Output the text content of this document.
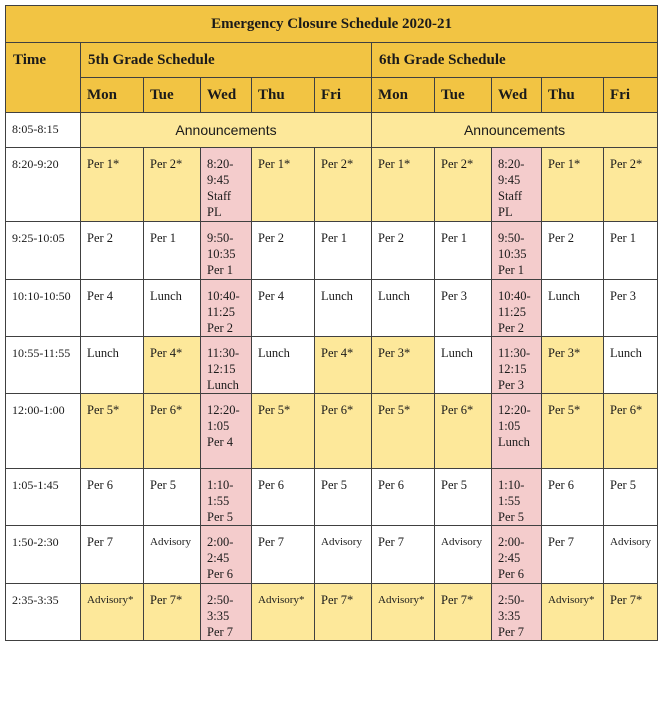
Emergency Closure Schedule 2020-21										
Time	5th Grade Schedule					6th Grade Schedule				
	Mon	Tue	Wed	Thu	Fri	Mon	Tue	Wed	Thu	Fri
8:05-8:15	Announcements					Announcements				
8:20-9:20	Per 1*	Per 2*	8:20-
9:45
Staff
PL	Per 1*	Per 2*	Per 1*	Per 2*	8:20-
9:45
Staff
PL	Per 1*	Per 2*
9:25-10:05	Per 2	Per 1	9:50-
10:35
Per 1	Per 2	Per 1	Per 2	Per 1	9:50-
10:35
Per 1	Per 2	Per 1
10:10-10:50	Per 4	Lunch	10:40-
11:25
Per 2	Per 4	Lunch	Lunch	Per 3	10:40-
11:25
Per 2	Lunch	Per 3
10:55-11:55	Lunch	Per 4*	11:30-
12:15
Lunch	Lunch	Per 4*	Per 3*	Lunch	11:30-
12:15
Per 3	Per 3*	Lunch
12:00-1:00	Per 5*	Per 6*	12:20-
1:05
Per 4	Per 5*	Per 6*	Per 5*	Per 6*	12:20-
1:05
Lunch	Per 5*	Per 6*
1:05-1:45	Per 6	Per 5	1:10-
1:55
Per 5	Per 6	Per 5	Per 6	Per 5	1:10-
1:55
Per 5	Per 6	Per 5
1:50-2:30	Per 7	Advisory	2:00-
2:45
Per 6	Per 7	Advisory	Per 7	Advisory	2:00-
2:45
Per 6	Per 7	Advisory
2:35-3:35	Advisory*	Per 7*	2:50-
3:35
Per 7	Advisory*	Per 7*	Advisory*	Per 7*	2:50-
3:35
Per 7	Advisory*	Per 7*
